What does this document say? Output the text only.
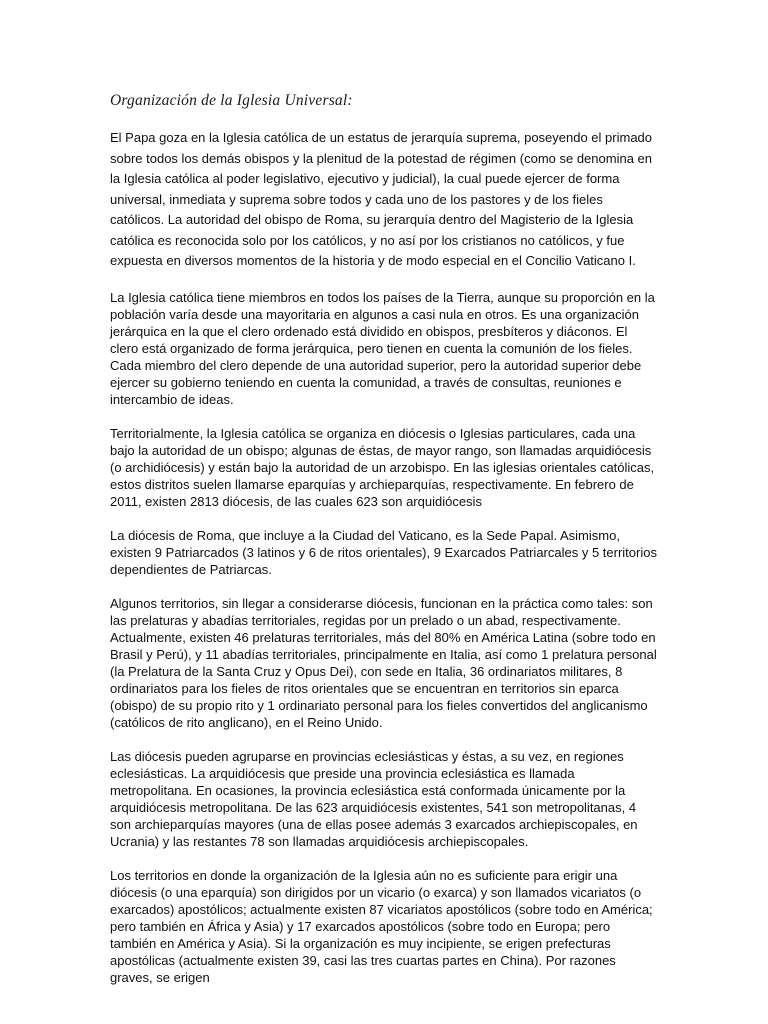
Organización de la Iglesia Universal:

El Papa goza en la Iglesia católica de un estatus de jerarquía suprema, poseyendo el primado sobre todos los demás obispos y la plenitud de la potestad de régimen (como se denomina en la Iglesia católica al poder legislativo, ejecutivo y judicial), la cual puede ejercer de forma universal, inmediata y suprema sobre todos y cada uno de los pastores y de los fieles católicos. La autoridad del obispo de Roma, su jerarquía dentro del Magisterio de la Iglesia católica es reconocida solo por los católicos, y no así por los cristianos no católicos, y fue expuesta en diversos momentos de la historia y de modo especial en el Concilio Vaticano I.

La Iglesia católica tiene miembros en todos los países de la Tierra, aunque su proporción en la población varía desde una mayoritaria en algunos a casi nula en otros. Es una organización jerárquica en la que el clero ordenado está dividido en obispos, presbíteros y diáconos. El clero está organizado de forma jerárquica, pero tienen en cuenta la comunión de los fieles. Cada miembro del clero depende de una autoridad superior, pero la autoridad superior debe ejercer su gobierno teniendo en cuenta la comunidad, a través de consultas, reuniones e intercambio de ideas.

Territorialmente, la Iglesia católica se organiza en diócesis o Iglesias particulares, cada una bajo la autoridad de un obispo; algunas de éstas, de mayor rango, son llamadas arquidiócesis (o archidiócesis) y están bajo la autoridad de un arzobispo. En las iglesias orientales católicas, estos distritos suelen llamarse eparquías y archieparquías, respectivamente. En febrero de 2011, existen 2813 diócesis, de las cuales 623 son arquidiócesis

La diócesis de Roma, que incluye a la Ciudad del Vaticano, es la Sede Papal. Asimismo, existen 9 Patriarcados (3 latinos y 6 de ritos orientales), 9 Exarcados Patriarcales y 5 territorios dependientes de Patriarcas.

Algunos territorios, sin llegar a considerarse diócesis, funcionan en la práctica como tales: son las prelaturas y abadías territoriales, regidas por un prelado o un abad, respectivamente. Actualmente, existen 46 prelaturas territoriales, más del 80% en América Latina (sobre todo en Brasil y Perú), y 11 abadías territoriales, principalmente en Italia, así como 1 prelatura personal (la Prelatura de la Santa Cruz y Opus Dei), con sede en Italia, 36 ordinariatos militares, 8 ordinariatos para los fieles de ritos orientales que se encuentran en territorios sin eparca (obispo) de su propio rito y 1 ordinariato personal para los fieles convertidos del anglicanismo (católicos de rito anglicano), en el Reino Unido.

Las diócesis pueden agruparse en provincias eclesiásticas y éstas, a su vez, en regiones eclesiásticas. La arquidiócesis que preside una provincia eclesiástica es llamada metropolitana. En ocasiones, la provincia eclesiástica está conformada únicamente por la arquidiócesis metropolitana. De las 623 arquidiócesis existentes, 541 son metropolitanas, 4 son archieparquías mayores (una de ellas posee además 3 exarcados archiepiscopales, en Ucrania) y las restantes 78 son llamadas arquidiócesis archiepiscopales.

Los territorios en donde la organización de la Iglesia aún no es suficiente para erigir una diócesis (o una eparquía) son dirigidos por un vicario (o exarca) y son llamados vicariatos (o exarcados) apostólicos; actualmente existen 87 vicariatos apostólicos (sobre todo en América; pero también en África y Asia) y 17 exarcados apostólicos (sobre todo en Europa; pero también en América y Asia). Si la organización es muy incipiente, se erigen prefecturas apostólicas (actualmente existen 39, casi las tres cuartas partes en China). Por razones graves, se erigen
